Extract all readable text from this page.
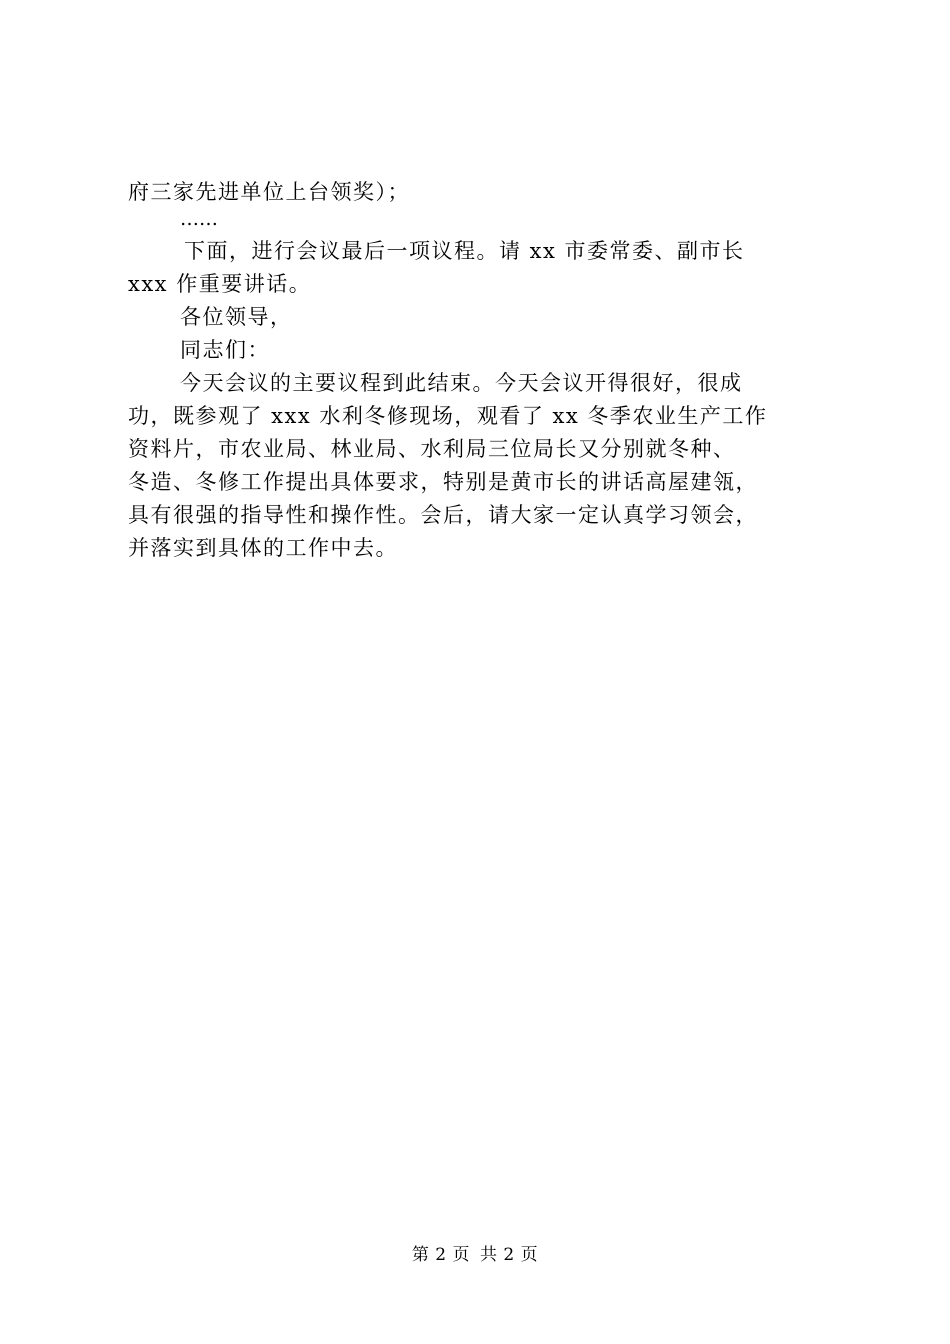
府三家先进单位上台领奖）；
……
下面，进行会议最后一项议程。请 xx 市委常委、副市长
xxx 作重要讲话。
各位领导，
同志们：
今天会议的主要议程到此结束。今天会议开得很好，很成
功，既参观了 xxx 水利冬修现场，观看了 xx 冬季农业生产工作
资料片，市农业局、林业局、水利局三位局长又分别就冬种、
冬造、冬修工作提出具体要求，特别是黄市长的讲话高屋建瓴，
具有很强的指导性和操作性。会后，请大家一定认真学习领会，
并落实到具体的工作中去。
第 2 页 共 2 页
